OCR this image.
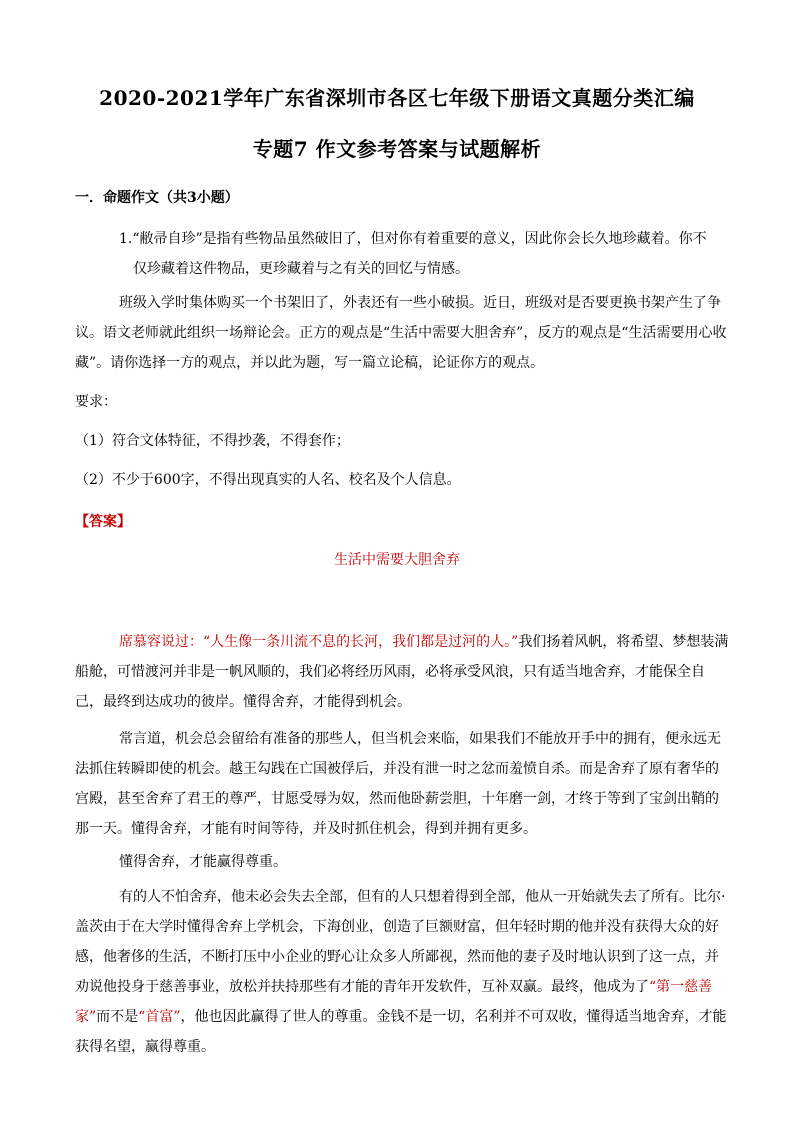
2020-2021学年广东省深圳市各区七年级下册语文真题分类汇编
专题7 作文参考答案与试题解析
一．命题作文（共3小题）
1.“敝帚自珍”是指有些物品虽然破旧了，但对你有着重要的意义，因此你会长久地珍藏着。你不
仅珍藏着这件物品，更珍藏着与之有关的回忆与情感。
班级入学时集体购买一个书架旧了，外表还有一些小破损。近日，班级对是否要更换书架产生了争议。语文老师就此组织一场辩论会。正方的观点是“生活中需要大胆舍弃”，反方的观点是“生活需要用心收藏”。请你选择一方的观点，并以此为题，写一篇立论稿，论证你方的观点。
要求：
（1）符合文体特征，不得抄袭，不得套作；
（2）不少于600字，不得出现真实的人名、校名及个人信息。
【答案】
生活中需要大胆舍弃
席慕容说过：“人生像一条川流不息的长河，我们都是过河的人。”我们扬着风帆，将希望、梦想装满船舱，可惜渡河并非是一帆风顺的，我们必将经历风雨，必将承受风浪，只有适当地舍弃，才能保全自己，最终到达成功的彼岸。懂得舍弃，才能得到机会。
常言道，机会总会留给有准备的那些人，但当机会来临，如果我们不能放开手中的拥有，便永远无法抓住转瞬即使的机会。越王勾践在亡国被俘后，并没有泄一时之忿而羞愤自杀。而是舍弃了原有奢华的宫殿，甚至舍弃了君王的尊严，甘愿受辱为奴，然而他卧薪尝胆，十年磨一剑，才终于等到了宝剑出鞘的那一天。懂得舍弃，才能有时间等待，并及时抓住机会，得到并拥有更多。
懂得舍弃，才能赢得尊重。
有的人不怕舍弃，他未必会失去全部，但有的人只想着得到全部，他从一开始就失去了所有。比尔·盖茨由于在大学时懂得舍弃上学机会，下海创业，创造了巨额财富，但年轻时期的他并没有获得大众的好感，他奢侈的生活，不断打压中小企业的野心让众多人所鄙视，然而他的妻子及时地认识到了这一点，并劝说他投身于慈善事业，放松并扶持那些有才能的青年开发软件，互补双赢。最终，他成为了“第一慈善家”而不是“首富”，他也因此赢得了世人的尊重。金钱不是一切，名利并不可双收，懂得适当地舍弃，才能获得名望，赢得尊重。
